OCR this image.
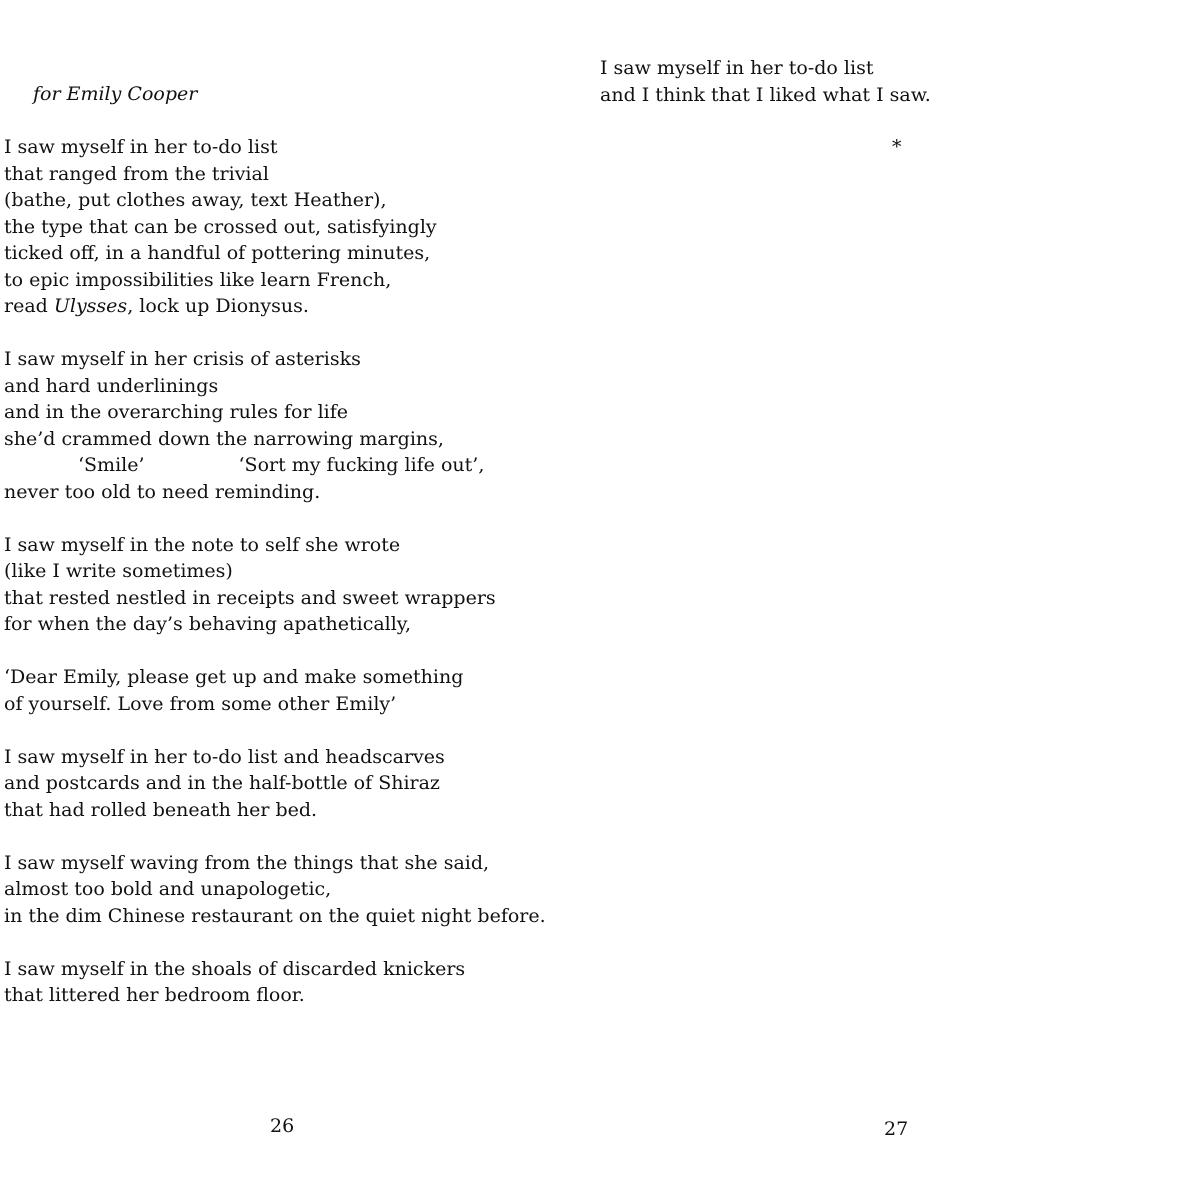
for Emily Cooper
I saw myself in her to-do list
that ranged from the trivial
(bathe, put clothes away, text Heather),
the type that can be crossed out, satisfyingly
ticked off, in a handful of pottering minutes,
to epic impossibilities like learn French,
read Ulysses, lock up Dionysus.
I saw myself in her crisis of asterisks
and hard underlinings
and in the overarching rules for life
she’d crammed down the narrowing margins,
‘Smile’	‘Sort my fucking life out’,
never too old to need reminding.
I saw myself in the note to self she wrote
(like I write sometimes)
that rested nestled in receipts and sweet wrappers
for when the day’s behaving apathetically,
‘Dear Emily, please get up and make something
of yourself. Love from some other Emily’
I saw myself in her to-do list and headscarves
and postcards and in the half-bottle of Shiraz
that had rolled beneath her bed.
I saw myself waving from the things that she said,
almost too bold and unapologetic,
in the dim Chinese restaurant on the quiet night before.
I saw myself in the shoals of discarded knickers
that littered her bedroom floor.
26
I saw myself in her to-do list
and I think that I liked what I saw.
*
27
